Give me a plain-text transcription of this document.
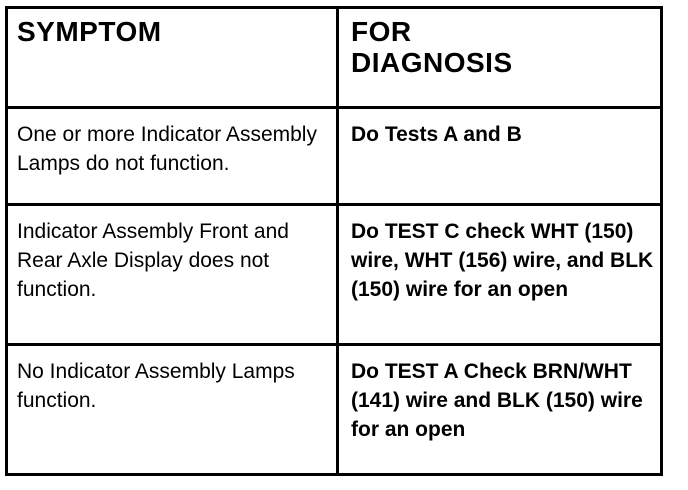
SYMPTOM	FOR DIAGNOSIS

One or more Indicator Assembly Lamps do not function.	Do Tests A and B

Indicator Assembly Front and Rear Axle Display does not function.	Do TEST C check WHT (150) wire, WHT (156) wire, and BLK (150) wire for an open

No Indicator Assembly Lamps function.	Do TEST A Check BRN/WHT (141) wire and BLK (150) wire for an open
